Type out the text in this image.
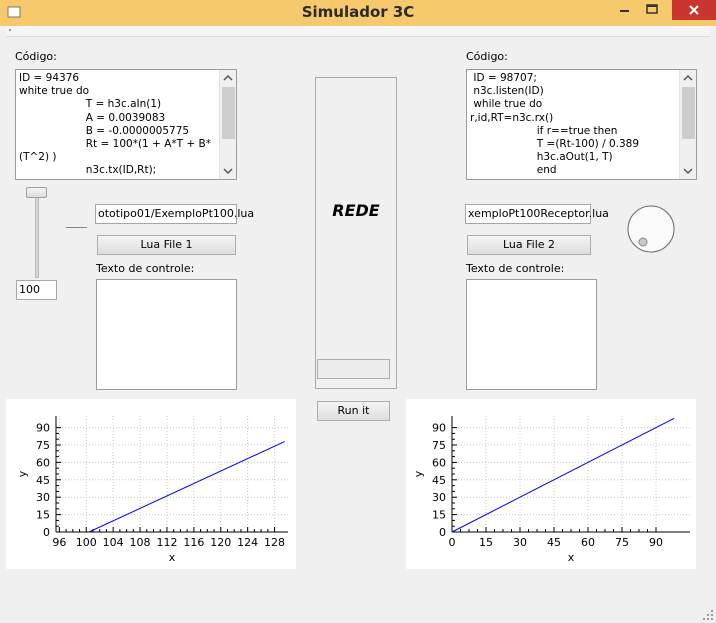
Simulador 3C
Código:
ID = 94376
white true do
T = h3c.aIn(1)
A = 0.0039083
B = -0.0000005775
Rt = 100*(1 + A*T + B*(T^2) )
n3c.tx(ID,Rt);
100
ototipo01/ExemploPt100.lua
Lua File 1
Texto de controle:
REDE
Run it
Código:
ID = 98707;
n3c.listen(ID)
while true do
r,id,RT=n3c.rx()
if r==true then
T =(Rt-100) / 0.389
h3c.aOut(1, T)
end
xemploPt100Receptor.lua
Lua File 2
Texto de controle:
96 100 104 108 112 116 120 124 128
0
15
30
45
60
75
90
x
y
0 15 30 45 60 75 90
0
15
30
45
60
75
90
x
y
